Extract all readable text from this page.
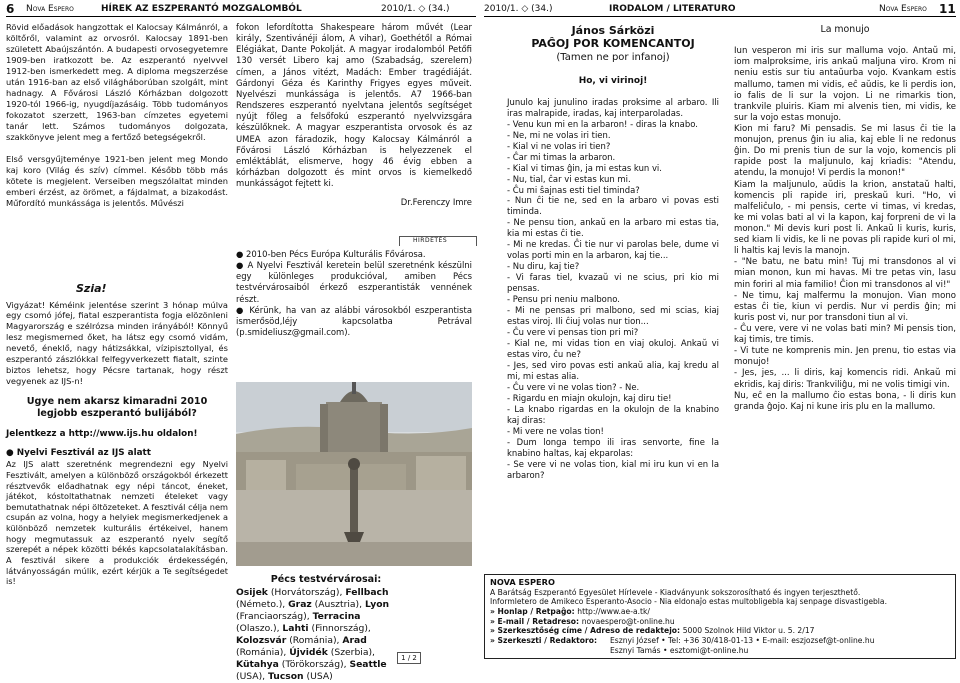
6	Nova Espero	HÍREK AZ ESZPERANTÓ MOZGALOMBÓL	2010/1. ◇ (34.)	2010/1. ◇ (34.)	IRODALOM / LITERATURO	Nova Espero	11

Rövid előadások hangzottak el Kalocsay Kálmánról, a költőről, valamint az orvosról. Kalocsay 1891-ben született Abaújszántón. A budapesti orvosegyetemre 1909-ben iratkozott be. Az eszperantó nyelvvel 1912-ben ismerkedett meg. A diploma megszerzése után 1916-ban az első világháborúban szolgált, mint hadnagy. A Fővárosi László Kórházban dolgozott 1920-tól 1966-ig, nyugdíjazásáig. Több tudományos fokozatot szerzett, 1963-ban címzetes egyetemi tanár lett. Számos tudományos dolgozata, szakkönyve jelent meg a fertőző betegségekről.

Első versgyűjteménye 1921-ben jelent meg Mondo kaj koro (Világ és szív) címmel. Később több más kötete is megjelent. Verseiben megszólaltat minden emberi érzést, az örömet, a fájdalmat, a bizakodást. Műfordító munkássága is jelentős. Művészi

Szia!

Vigyázat! Kéméink jelentése szerint 3 hónap múlva egy csomó jófej, fiatal eszperantista fogja elözönleni Magyarország e szélrózsa minden irányából! Könnyű lesz megismerned őket, ha látsz egy csomó vidám, nevető, éneklő, nagy hátizsákkal, vízipisztollyal, és eszperantó zászlókkal felfegyverkezett fiatalt, szinte biztos lehetsz, hogy Pécsre tartanak, hogy részt vegyenek az IJS-n!

Ugye nem akarsz kimaradni 2010 legjobb eszperantó bulijából?

Jelentkezz a http://www.ijs.hu oldalon!

● Nyelvi Fesztivál az IJS alatt

Az IJS alatt szeretnénk megrendezni egy Nyelvi Fesztivált, amelyen a különböző országokból érkezett résztvevők előadhatnak egy népi táncot, éneket, játékot, kóstoltathatnak nemzeti ételeket vagy bemutathatnak népi öltözeteket. A fesztivál célja nem csupán az volna, hogy a helyiek megismerkedjenek a különböző nemzetek kulturális értékeivel, hanem hogy megmutassuk az eszperantó nyelv segítő szerepét a népek közötti békés kapcsolatalakításban. A fesztivál sikere a produkciók érdekességén, látványosságán múlik, ezért kérjük a Te segítségedet is!

fokon lefordította Shakespeare három művét (Lear király, Szentivánéji álom, A vihar), Goethétől a Római Elégiákat, Dante Pokolját. A magyar irodalomból Petőfi 130 versét Libero kaj amo (Szabadság, szerelem) címen, a János vitézt, Madách: Ember tragédiáját. Gárdonyi Géza és Karinthy Frigyes egyes műveit. Nyelvészi munkássága is jelentős. A7 1966-ban Rendszeres eszperantó nyelvtana jelentős segítséget nyújt főleg a felsőfokú eszperantó nyelvvizsgára készülőknek. A magyar eszperantista orvosok és az UMEA azon fáradozik, hogy Kalocsay Kálmánról a Fővárosi László Kórházban is helyezzenek el emléktáblát, elismerve, hogy 46 évig ebben a kórházban dolgozott és mint orvos is kiemelkedő munkásságot fejtett ki.

Dr.Ferenczy Imre

HIRDETÉS

● 2010-ben Pécs Európa Kulturális Fővárosa.

● A Nyelvi Fesztivál keretein belül szeretnénk készülni egy különleges produkcióval, amiben Pécs testvérvárosaiból érkező eszperantisták vennének részt.

● Kérünk, ha van az alábbi városokból eszperantista ismerősöd,léjy kapcsolatba Petrával (p.smideliusz@gmail.com).

Pécs testvérvárosai:
Osijek (Horvátország), Fellbach (Németo.), Graz (Ausztria), Lyon (Franciaország), Terracina (Olaszo.), Lahti (Finnország), Kolozsvár (Románia), Arad (Románia), Újvidék (Szerbia), Kütahya (Törökország), Seattle (USA), Tucson (USA)
1 / 2
János Sárközi
PAĜOJ POR KOMENCANTOJ
(Tamen ne por infanoj)
Ho, vi virinoj!

Junulo kaj junulino iradas proksime al arbaro. Ili iras malrapide, iradas, kaj interparoladas.

- Venu kun mi en la arbaron! - diras la knabo.

- Ne, mi ne volas iri tien.

- Kial vi ne volas iri tien?

- Ĉar mi timas la arbaron.

- Kial vi timas ĝin, ja mi estas kun vi.

- Nu, tial, ĉar vi estas kun mi.

- Ĉu mi ŝajnas esti tiel timinda?

- Nun ĉi tie ne, sed en la arbaro vi povas esti timinda.

- Ne pensu tion, ankaŭ en la arbaro mi estas tia, kia mi estas ĉi tie.

- Mi ne kredas. Ĉi tie nur vi parolas bele, dume vi volas porti min en la arbaron, kaj tie...

- Nu diru, kaj tie?

- Vi faras tiel, kvazaŭ vi ne scius, pri kio mi pensas.

- Pensu pri neniu malbono.

- Mi ne pensas pri malbono, sed mi scias, kiaj estas viroj. Ili ĉiuj volas nur tion...

- Ĉu vere vi pensas tion pri mi?

- Kial ne, mi vidas tion en viaj okuloj. Ankaŭ vi estas viro, ĉu ne?

- Jes, sed viro povas esti ankaŭ alia, kaj kredu al mi, mi estas alia.

- Ĉu vere vi ne volas tion? - Ne.

- Rigardu en miajn okulojn, kaj diru tie!

- La knabo rigardas en la okulojn de la knabino kaj diras:

- Mi vere ne volas tion!

- Dum longa tempo ili iras senvorte, fine la knabino haltas, kaj ekparolas:

- Se vere vi ne volas tion, kial mi iru kun vi en la arbaron?

La monujo

Iun vesperon mi iris sur malluma vojo. Antaŭ mi, iom malproksime, iris ankaŭ maljuna viro. Krom ni neniu estis sur tiu antaŭurba vojo. Kvankam estis mallumo, tamen mi vidis, eĉ aŭdis, ke li perdis ion, io falis de li sur la vojon. Li ne rimarkis tion, trankvile pluiris. Kiam mi alvenis tien, mi vidis, ke sur la vojo estas monujo.

Kion mi faru? Mi pensadis. Se mi lasus ĉi tie la monujon, prenus ĝin iu alia, kaj eble li ne redonus ĝin. Do mi prenis tiun de sur la vojo, komencis pli rapide post la maljunulo, kaj kriadis: "Atendu, atendu, la monujo! Vi perdis la monon!"

Kiam la maljunulo, aŭdis la krion, anstataŭ halti, komencis pli rapide iri, preskaŭ kuri. "Ho, vi malfeliĉulo, - mi pensis, certe vi timas, vi kredas, ke mi volas bati al vi la kapon, kaj forpreni de vi la monon." Mi devis kuri post li. Ankaŭ li kuris, kuris, sed kiam li vidis, ke li ne povas pli rapide kuri ol mi, li haltis kaj levis la manojn.

- "Ne batu, ne batu min! Tuj mi transdonos al vi mian monon, kun mi havas. Mi tre petas vin, lasu min foriri al mia familio! Ĉion mi transdonos al vi!"

- Ne timu, kaj malfermu la monujon. Vian mono estas ĉi tie, kiun vi perdis. Nur vi perdis ĝin; mi kuris post vi, nur por transdoni tiun al vi.

- Ĉu vere, vere vi ne volas bati min? Mi pensis tion, kaj timis, tre timis.

- Vi tute ne komprenis min. Jen prenu, tio estas via monujo!

- Jes, jes, ... li diris, kaj komencis ridi. Ankaŭ mi ekridis, kaj diris: Trankviliĝu, mi ne volis timigi vin.

Nu, eĉ en la mallumo ĉio estas bona, - li diris kun granda ĝojo. Kaj ni kune iris plu en la mallumo.

NOVA ESPERO
A Barátság Eszperantó Egyesület Hírlevele - Kiadványunk sokszorosítható és ingyen terjeszthető.
Informletero de Amikeco Esperanto-Asocio - Nia eldonaĵo estas multobligebla kaj senpage disvastigebla.
» Honlap / Retpaĝo: http://www.ae-a.tk/
» E-mail / Retadreso: novaespero@t-online.hu
» Szerkesztőség címe / Adreso de redaktejo: 5000 Szolnok Hild Viktor u. 5. 2/17
» Szerkeszti / Redaktoro:	Esznyi József • Tel: +36 30/418-01-13 • E-mail: eszjozsef@t-online.hu
Esznyi Tamás • esztomi@t-online.hu
